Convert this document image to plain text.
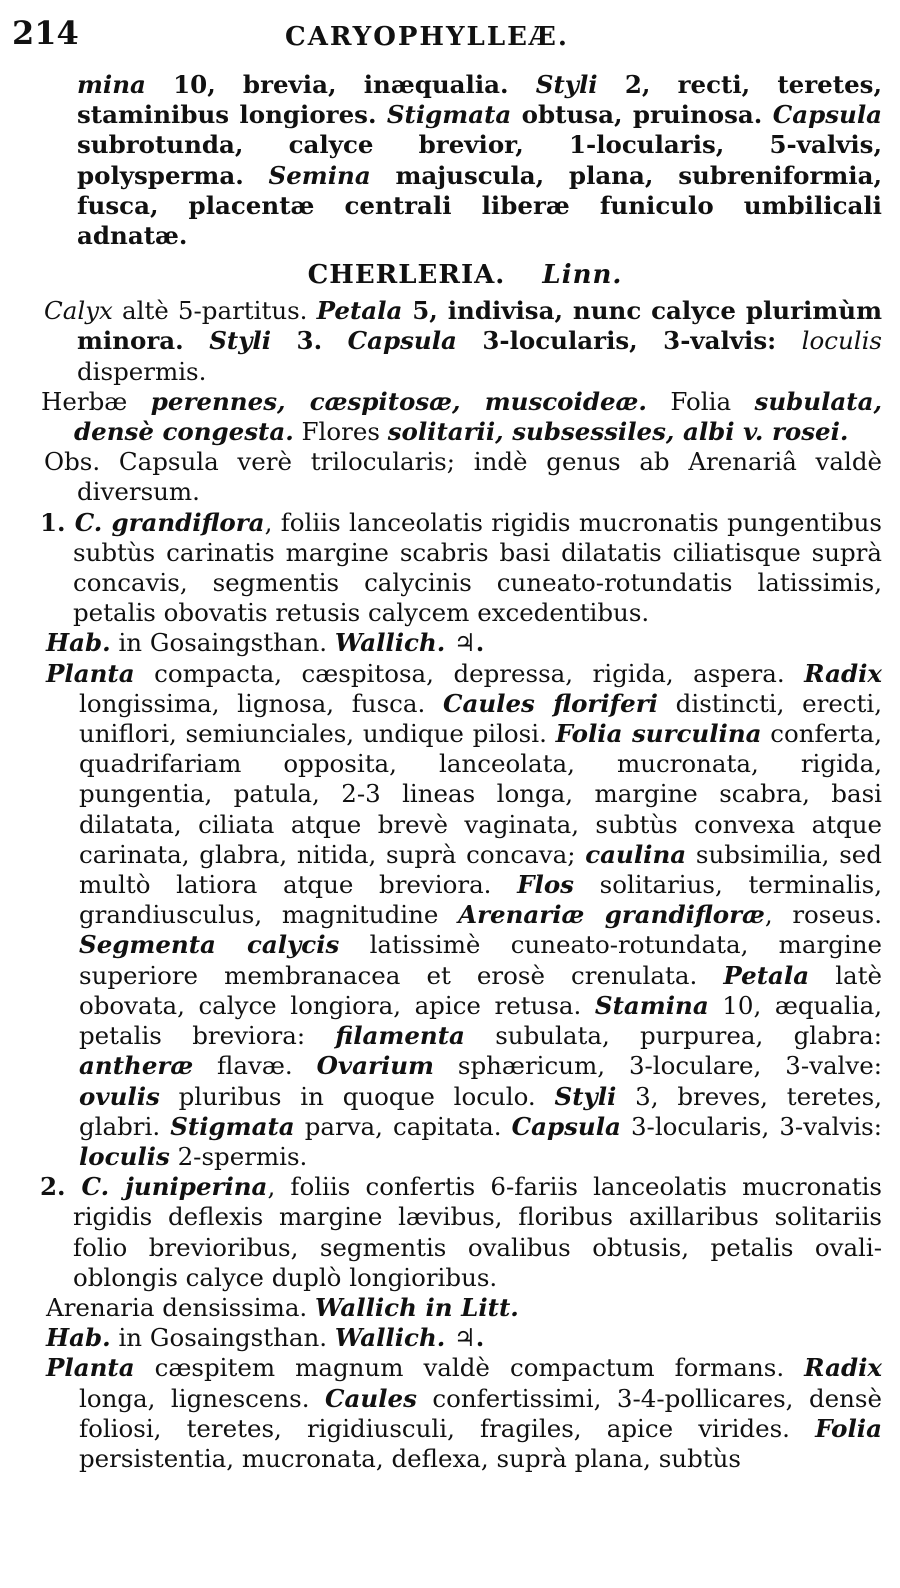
214	CARYOPHYLLEÆ.

mina 10, brevia, inæqualia. Styli 2, recti, teretes, staminibus longiores. Stigmata obtusa, pruinosa. Capsula subrotunda, calyce brevior, 1-locularis, 5-valvis, polysperma. Semina majuscula, plana, subreniformia, fusca, placentæ centrali liberæ funiculo umbilicali adnatæ.

CHERLERIA. Linn.

Calyx altè 5-partitus. Petala 5, indivisa, nunc calyce plurimùm minora. Styli 3. Capsula 3-locularis, 3-valvis: loculis dispermis.

Herbæ perennes, cæspitosæ, muscoideæ. Folia subulata, densè congesta. Flores solitarii, subsessiles, albi v. rosei.

Obs. Capsula verè trilocularis; indè genus ab Arenariâ valdè diversum.

1. C. grandiflora, foliis lanceolatis rigidis mucronatis pungentibus subtùs carinatis margine scabris basi dilatatis ciliatisque suprà concavis, segmentis calycinis cuneato-rotundatis latissimis, petalis obovatis retusis calycem excedentibus.

Hab. in Gosaingsthan. Wallich. ♃.

Planta compacta, cæspitosa, depressa, rigida, aspera. Radix longissima, lignosa, fusca. Caules floriferi distincti, erecti, uniflori, semiunciales, undique pilosi. Folia surculina conferta, quadrifariam opposita, lanceolata, mucronata, rigida, pungentia, patula, 2-3 lineas longa, margine scabra, basi dilatata, ciliata atque brevè vaginata, subtùs convexa atque carinata, glabra, nitida, suprà concava; caulina subsimilia, sed multò latiora atque breviora. Flos solitarius, terminalis, grandiusculus, magnitudine Arenariæ grandifloræ, roseus. Segmenta calycis latissimè cuneato-rotundata, margine superiore membranacea et erosè crenulata. Petala latè obovata, calyce longiora, apice retusa. Stamina 10, æqualia, petalis breviora: filamenta subulata, purpurea, glabra: antheræ flavæ. Ovarium sphæricum, 3-loculare, 3-valve: ovulis pluribus in quoque loculo. Styli 3, breves, teretes, glabri. Stigmata parva, capitata. Capsula 3-locularis, 3-valvis: loculis 2-spermis.

2. C. juniperina, foliis confertis 6-fariis lanceolatis mucronatis rigidis deflexis margine lævibus, floribus axillaribus solitariis folio brevioribus, segmentis ovalibus obtusis, petalis ovali-oblongis calyce duplò longioribus.

Arenaria densissima. Wallich in Litt.

Hab. in Gosaingsthan. Wallich. ♃.

Planta cæspitem magnum valdè compactum formans. Radix longa, lignescens. Caules confertissimi, 3-4-pollicares, densè foliosi, teretes, rigidiusculi, fragiles, apice virides. Folia persistentia, mucronata, deflexa, suprà plana, subtùs
